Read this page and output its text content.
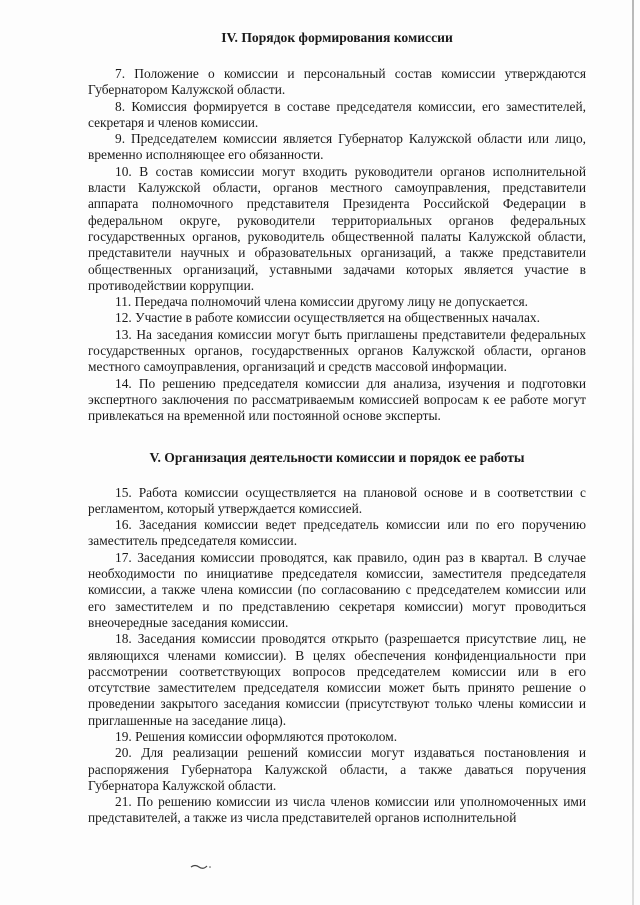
IV. Порядок формирования комиссии

7. Положение о комиссии и персональный состав комиссии утверждаются Губернатором Калужской области.

8. Комиссия формируется в составе председателя комиссии, его заместителей, секретаря и членов комиссии.

9. Председателем комиссии является Губернатор Калужской области или лицо, временно исполняющее его обязанности.

10. В состав комиссии могут входить руководители органов исполнительной власти Калужской области, органов местного самоуправления, представители аппарата полномочного представителя Президента Российской Федерации в федеральном округе, руководители территориальных органов федеральных государственных органов, руководитель общественной палаты Калужской области, представители научных и образовательных организаций, а также представители общественных организаций, уставными задачами которых является участие в противодействии коррупции.

11. Передача полномочий члена комиссии другому лицу не допускается.

12. Участие в работе комиссии осуществляется на общественных началах.

13. На заседания комиссии могут быть приглашены представители федеральных государственных органов, государственных органов Калужской области, органов местного самоуправления, организаций и средств массовой информации.

14. По решению председателя комиссии для анализа, изучения и подготовки экспертного заключения по рассматриваемым комиссией вопросам к ее работе могут привлекаться на временной или постоянной основе эксперты.

V. Организация деятельности комиссии и порядок ее работы

15. Работа комиссии осуществляется на плановой основе и в соответствии с регламентом, который утверждается комиссией.

16. Заседания комиссии ведет председатель комиссии или по его поручению заместитель председателя комиссии.

17. Заседания комиссии проводятся, как правило, один раз в квартал. В случае необходимости по инициативе председателя комиссии, заместителя председателя комиссии, а также члена комиссии (по согласованию с председателем комиссии или его заместителем и по представлению секретаря комиссии) могут проводиться внеочередные заседания комиссии.

18. Заседания комиссии проводятся открыто (разрешается присутствие лиц, не являющихся членами комиссии). В целях обеспечения конфиденциальности при рассмотрении соответствующих вопросов председателем комиссии или в его отсутствие заместителем председателя комиссии может быть принято решение о проведении закрытого заседания комиссии (присутствуют только члены комиссии и приглашенные на заседание лица).

19. Решения комиссии оформляются протоколом.

20. Для реализации решений комиссии могут издаваться постановления и распоряжения Губернатора Калужской области, а также даваться поручения Губернатора Калужской области.

21. По решению комиссии из числа членов комиссии или уполномоченных ими представителей, а также из числа представителей органов исполнительной
